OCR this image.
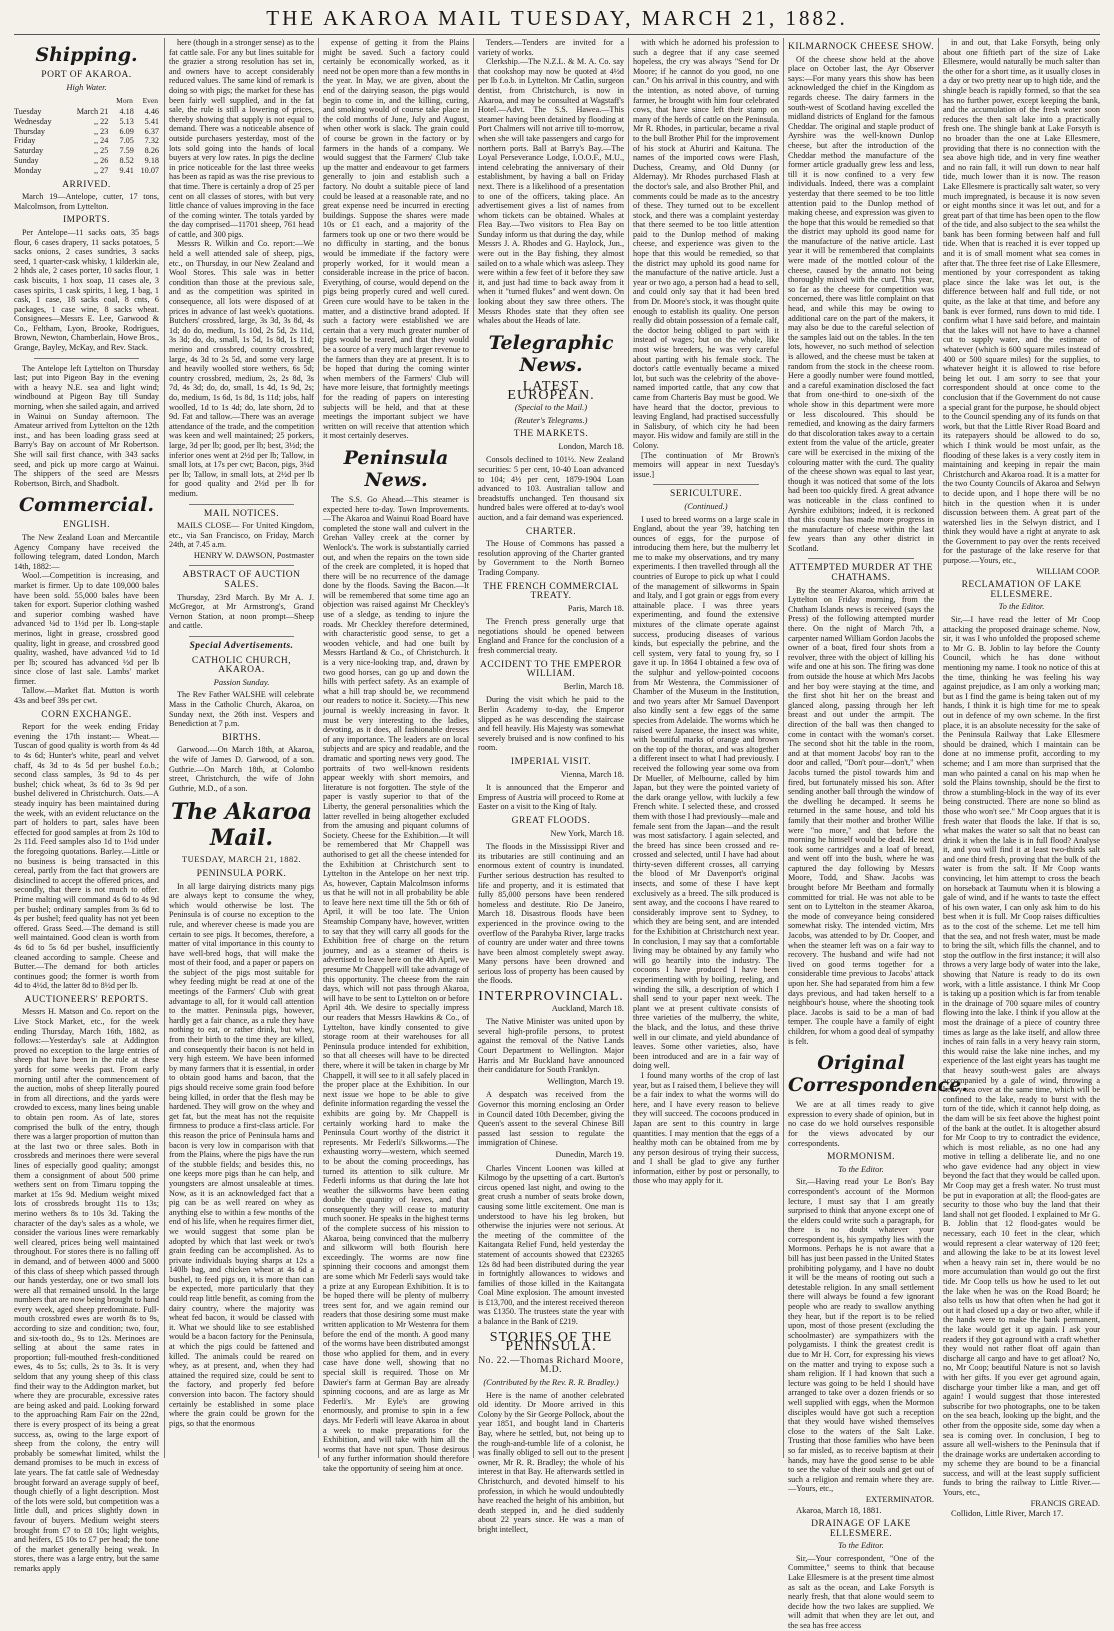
THE AKAROA MAIL TUESDAY, MARCH 21, 1882.
Shipping.
PORT OF AKAROA.
High Water.
		Morn	Even
Tuesday	March 21	4.18	4.46
Wednesday	,, 22	5.13	5.41
Thursday	,, 23	6.09	6.37
Friday	,, 24	7.05	7.32
Saturday	,, 25	7.59	8.26
Sunday	,, 26	8.52	9.18
Monday	,, 27	9.41	10.07
ARRIVED.

March 19—Antelope, cutter, 17 tons, Malcolmson, from Lyttelton.

IMPORTS.

Per Antelope—11 sacks oats, 35 bags flour, 6 cases drapery, 11 sacks potatoes, 5 sacks onions, 2 cases sundries, 3 sacks seed, 1 quarter-cask whisky, 1 kilderkin ale, 2 hhds ale, 2 cases porter, 10 sacks flour, 1 cask biscuits, 1 hox soap, 11 cases ale, 3 cases spirits, 1 cask spirits, 1 keg, 1 bag, 1 cask, 1 case, 18 sacks coal, 8 cnts, 6 packages, 1 case wine, 8 sacks wheat. Consignees—Messrs E. Lee, Garwood & Co., Feltham, Lyon, Brooke, Rodrigues, Brown, Newton, Chamberlain, Howe Bros., Grange, Bayley, McKay, and Rev. Stack.

The Antelope left Lyttelton on Thursday last; put into Pigeon Bay in the evening with a heavy N.E. sea and light wind; windbound at Pigeon Bay till Sunday morning, when she sailed again, and arrived in Wainui on Sunday afternoon. The Amateur arrived from Lyttelton on the 12th inst., and has been loading grass seed at Barry's Bay on account of Mr Robertson. She will sail first chance, with 343 sacks seed, and pick up more cargo at Wainui. The shippers of the seed are Messrs Robertson, Birch, and Shadbolt.

Commercial.
ENGLISH.

The New Zealand Loan and Mercantile Agency Company have received the following telegram, dated London, March 14th, 1882:—

Wool.—Competition is increasing, and market is firmer. Up to date 109,000 bales have been sold. 55,000 bales have been taken for export. Superior clothing washed and superior combing washed have advanced ¼d to 1½d per lb. Long-staple merinos, light in grease, crossbred good quality, light in grease, and crossbred good quality, washed, have advanced ½d to 1d per lb; scoured has advanced ½d per lb since close of last sale. Lambs' market firmer.

Tallow.—Market flat. Mutton is worth 43s and beef 39s per cwt.

CORN EXCHANGE.

Report for the week ending Friday evening the 17th instant:— Wheat.—Tuscan of good quality is worth from 4s 4d to 4s 6d; Hunter's white, pearl and velvet chaff, 4s 3d to 4s 5d per bushel f.o.b.; second class samples, 3s 9d to 4s per bushel; chick wheat, 3s 6d to 3s 9d per bushel delivered in Christchurch. Oats.—A steady inquiry has been maintained during the week, with an evident reluctance on the part of holders to part, sales have been effected for good samples at from 2s 10d to 2s 11d. Feed samples also 1d to 1½d under the foregoing quotations. Barley.—Little or no business is being transacted in this cereal, partly from the fact that growers are disinclined to accept the offered prices, and secondly, that there is not much to offer. Prime malting will command 4s 6d to 4s 9d per bushel; ordinary samples from 3s 6d to 4s per bushel; feed quality has not yet been offered. Grass Seed.—The demand is still well maintained. Good clean is worth from 4s 6d to 5s 6d per bushel, insufficiently cleaned according to sample. Cheese and Butter.—The demand for both articles continues good; the former is worth from 4d to 4½d, the latter 8d to 8½d per lb.

AUCTIONEERS' REPORTS.

Messrs H. Matson and Co. report on the Live Stock Market, etc., for the week ending Thursday, March 16th, 1882, as follows:—Yesterday's sale at Addington proved no exception to the large entries of sheep that have been in the rule at these yards for some weeks past. From early morning until after the commencement of the auction, mobs of sheep literally poured in from all directions, and the yards were crowded to excess, many lines being unable to obtain pen room. As of late, stores comprised the bulk of the entry, though there was a larger proportion of mutton than at the last two or three sales. Both in crossbreds and merinoes there were several lines of especially good quality; amongst them a consignment of about 500 prime wethers sent on from Timaru topping the market at 15s 9d. Medium weight mixed lots of crossbreds brought 11s to 13s; merino wethers 8s to 10s 3d. Taking the character of the day's sales as a whole, we consider the various lines were remarkably well cleared, prices being well maintained throughout. For stores there is no falling off in demand, and of between 4000 and 5000 of this class of sheep which passed through our hands yesterday, one or two small lots were all that remained unsold. In the large numbers that are now being brought to hand every week, aged sheep predominate. Full-mouth crossbred ewes are worth 8s to 9s, according to size and condition; two, four, and six-tooth do., 9s to 12s. Merinoes are selling at about the same rates in proportion; full-mouthed fresh-conditioned ewes, 4s to 5s; culls, 2s to 3s. It is very seldom that any young sheep of this class find their way to the Addington market, but where they are procurable, excessive rates are being asked and paid. Looking forward to the approaching Ram Fair on the 22nd, there is every prospect of its being a great success, as, owing to the large export of sheep from the colony, the entry will probably be somewhat limited, whilst the demand promises to be much in excess of late years. The fat cattle sale of Wednesday brought forward an average supply of beef, though chiefly of a light description. Most of the lots were sold, but competition was a little dull, and prices slightly down in favour of buyers. Medium weight steers brought from £7 to £8 10s; light weights, and heifers, £5 10s to £7 per head; the tone of the market generally being weak. In stores, there was a large entry, but the same remarks apply

here (though in a stronger sense) as to the fat cattle sale. For any but lines suitable for the grazier a strong resolution has set in, and owners have to accept considerably reduced values. The same kind of remark is doing so with pigs; the market for these has been fairly well supplied, and in the fat sale, the rule is still a lowering of prices, thereby showing that supply is not equal to demand. There was a noticeable absence of outside purchasers yesterday, most of the lots sold going into the hands of local buyers at very low rates. In pigs the decline in price noticeable for the last three weeks has been as rapid as was the rise previous to that time. There is certainly a drop of 25 per cent on all classes of stores, with but very little chance of values improving in the face of the coming winter. The totals yarded by the day comprised—11701 sheep, 761 head of cattle, and 300 pigs.

Messrs R. Wilkin and Co. report:—We held a well attended sale of sheep, pigs, etc., on Thursday, in our New Zealand and Wool Stores. This sale was in better condition than those at the previous sale, and as the competition was spirited in consequence, all lots were disposed of at prices in advance of last week's quotations. Butchers' crossbred, large, 3s 3d, 3s 8d, 4s 1d; do do, medium, 1s 10d, 2s 5d, 2s 11d, 3s 3d; do, do, small, 1s 5d, 1s 8d, 1s 11d; merino and crossbred, country crossbred, large, 4s 3d to 2s 5d, and some very large and heavily woolled store wethers, 6s 5d; country crossbred, medium, 2s, 2s 8d, 3s 7d, 4s 3d; do, do, small, 1s 4d, 1s 9d, 2s; do, medium, 1s 6d, 1s 8d, 1s 11d; jobs, half woolled, 1d to 1s 4d; do, late shorn, 2d to 9d. Fat and tallow.—There was an average attendance of the trade, and the competition was keen and well maintained; 25 porkers, large, 3d per lb; good, per lb; best, 3½d; the inferior ones went at 2½d per lb; Tallow, in small lots, at 17s per cwt; Bacon, pigs, 3¼d per lb; Tallow, in small lots, at 2½d per lb for good quality and 2½d per lb for medium.

MAIL NOTICES.

MAILS CLOSE— For United Kingdom, etc., via San Francisco, on Friday, March 24th, at 7.45 a.m.

HENRY W. DAWSON, Postmaster
ABSTRACT OF AUCTION SALES.

Thursday, 23rd March. By Mr A. J. McGregor, at Mr Armstrong's, Grand Vernon Station, at noon prompt—Sheep and cattle.

Special Advertisements.
CATHOLIC CHURCH, AKAROA.
Passion Sunday.

The Rev Father WALSHE will celebrate Mass in the Catholic Church, Akaroa, on Sunday next, the 26th inst. Vespers and Benediction at 7 p.m.

BIRTHS.

Garwood.—On March 18th, at Akaroa, the wife of James D. Garwood, of a son. Guthrie.—On March 18th, at Colombo street, Christchurch, the wife of John Guthrie, M.D., of a son.

The Akaroa Mail.
TUESDAY, MARCH 21, 1882.
PENINSULA PORK.

In all large dairying districts many pigs are always kept to consume the whey, which would otherwise be lost. The Peninsula is of course no exception to the rule, and wherever cheese is made you are certain to see pigs. It becomes, therefore, a matter of vital importance in this county to have well-bred hogs, that will make the most of their food, and a paper or papers on the subject of the pigs most suitable for whey feeding might be read at one of the meetings of the Farmers' Club with great advantage to all, for it would call attention to the matter. Peninsula pigs, however, hardly get a fair chance, as a rule they have nothing to eat, or rather drink, but whey, from their birth to the time they are killed, and consequently their bacon is not held in very high esteem. We have been informed by many farmers that it is essential, in order to obtain good hams and bacon, that the pigs should receive some grain food before being killed, in order that the flesh may be hardened. They will grow on the whey and get fat, but the meat has not the requisite firmness to produce a first-class article. For this reason the price of Peninsula hams and bacon is very low in comparison with that from the Plains, where the pigs have the run of the stubble fields; and besides this, no one keeps more pigs than he can help, and youngsters are almost unsaleable at times. Now, as it is an acknowledged fact that a pig can be as well reared on whey as anything else to within a few months of the end of his life, when he requires firmer diet, we would suggest that some plan be adopted by which that last week or two's grain feeding can be accomplished. As to private individuals buying sharps at 12s a 140lb bag, and chicken wheat at 4s 6d a bushel, to feed pigs on, it is more than can be expected, more particularly that they could reap little benefit, as coming from the dairy country, where the majority was wheat fed bacon, it would be classed with it. What we should like to see established would be a bacon factory for the Peninsula, at which the pigs could be fattened and killed. The animals could be reared on whey, as at present, and, when they had attained the required size, could be sent to the factory, and properly fed before conversion into bacon. The factory should certainly be established in some place where the grain could be grown for the pigs, so that the enormous

expense of getting it from the Plains might be saved. Such a factory could certainly be economically worked, as it need not be open more than a few months in the year. In May, we are given, about the end of the dairying season, the pigs would begin to come in, and the killing, curing, and smoking would of course take place in the cold months of June, July and August, when other work is slack. The grain could of course be grown in the factory or by farmers in the hands of a company. We would suggest that the Farmers' Club take up the matter and endeavour to get farmers generally to join and establish such a factory. No doubt a suitable piece of land could be leased at a reasonable rate, and no great expense need be incurred in erecting buildings. Suppose the shares were made 10s or £1 each, and a majority of the farmers took up one or two there would be no difficulty in starting, and the bonus would be immediate if the factory were properly worked, for it would mean a considerable increase in the price of bacon. Everything, of course, would depend on the pigs being properly cured and well cured. Green cure would have to be taken in the matter, and a distinctive brand adopted. If such a factory were established we are certain that a very much greater number of pigs would be reared, and that they would be a source of a very much larger revenue to the farmers than they are at present. It is to be hoped that during the coming winter when members of the Farmers' Club will have more leisure, that fortnightly meetings for the reading of papers on interesting subjects will be held, and that at these meetings the important subject we have written on will receive that attention which it most certainly deserves.

Peninsula News.

The S.S. Go Ahead.—This steamer is expected here to-day. Town Improvements.—The Akaroa and Wainui Road Board have completed the stone wall and culvert in the Grehan Valley creek at the corner by Wenlock's. The work is substantially carried out, and when the repairs on the town side of the creek are completed, it is hoped that there will be no recurrence of the damage done by the floods. Saving the Bacon.—It will be remembered that some time ago an objection was raised against Mr Checkley's use of a sledge, as tending to injure the roads. Mr Checkley therefore determined, with characteristic good sense, to get a wooden vehicle, and had one built by Messrs Hartland & Co., of Christchurch. It is a very nice-looking trap, and, drawn by two good horses, can go up and down the hills with perfect safety. As an example of what a hill trap should be, we recommend our readers to notice it. Society.—This new journal is weekly increasing in favor. It must be very interesting to the ladies, devoting, as it does, all fashionable dresses of any importance. The leaders are on local subjects and are spicy and readable, and the dramatic and sporting news very good. The portraits of two well-known residents appear weekly with short memoirs, and literature is not forgotten. The style of the paper is vastly superior to that of the Liberty, the general personalities which the latter revelled in being altogether excluded from the amusing and piquant columns of Society. Cheese for the Exhibition.—It will be remembered that Mr Chappell was authorised to get all the cheese intended for the Exhibition at Christchurch sent to Lyttelton in the Antelope on her next trip. As, however, Captain Malcolmson informs us that he will not in all probability be able to leave here next time till the 5th or 6th of April, it will be too late. The Union Steamship Company have, however, written to say that they will carry all goods for the Exhibition free of charge on the return journey, and as a steamer of theirs is advertised to leave here on the 4th April, we presume Mr Chappell will take advantage of this opportunity. The cheese from the rain days, which will not pass through Akaroa, will have to be sent to Lyttelton on or before April 4th. We desire to specially impress our readers that Messrs Hawkins & Co., of Lyttelton, have kindly consented to give storage room at their warehouses for all Peninsula produce intended for exhibition, so that all cheeses will have to be directed there, where it will be taken in charge by Mr Chappell, it will see to it all safely placed in the proper place at the Exhibition. In our next issue we hope to be able to give definite information regarding the vessel the exhibits are going by. Mr Chappell is certainly working hard to make the Peninsula Court worthy of the district it represents. Mr Federli's Silkworms.—The exhausting worry—western, which seemed to be about the coming proceedings, has turned its attention to silk culture. Mr Federli informs us that during the late hot weather the silkworms have been eating double the quantity of leaves, and that consequently they will cease to maturity much sooner. He speaks in the highest terms of the complete success of his mission to Akaroa, being convinced that the mulberry and silkworm will both flourish here exceedingly. The worms are now fine spinning their cocoons and amongst them are some which Mr Federli says would take a prize at any European Exhibition. It is to be hoped there will be plenty of mulberry trees sent for, and we again remind our readers that those desiring some must make written application to Mr Westenra for them before the end of the month. A good many of the worms have been distributed amongst those who applied for them, and in every case have done well, showing that no special skill is required. Those on Mr Dawier's farm at German Bay are already spinning cocoons, and are as large as Mr Federli's. Mr Eyle's are growing enormously, and promise to spin in a few days. Mr Federli will leave Akaroa in about a week to make preparations for the Exhibition, and will take with him all the worms that have not spun. Those desirous of any further information should therefore take the opportunity of seeing him at once.

Tenders.—Tenders are invited for a variety of works.

Clerkship.—The N.Z.L. & M. A. Co. say that cookshop may now be quoted at 4½d per lb f.o.b. in Lyttelton. Mr Catlin, surgeon dentist, from Christchurch, is now in Akaroa, and may be consulted at Wagstaff's Hotel.—Advt. The S.S. Hawea.—This steamer having been detained by flooding at Port Chalmers will not arrive till to-morrow, when she will take passengers and cargo for northern ports. Ball at Barry's Bay.—The Loyal Perseverance Lodge, I.O.O.F., M.U., intend celebrating the anniversary of their establishment, by having a ball on Friday next. There is a likelihood of a presentation to one of the officers, taking place. An advertisement gives a list of names from whom tickets can be obtained. Whales at Flea Bay.—Two visitors to Flea Bay on Sunday inform us that during the day, while Messrs J. A. Rhodes and G. Haylock, Jun., were out in the Bay fishing, they almost sailed on to a whale which was asleep. They were within a few feet of it before they saw it, and just had time to back away from it when it "turned flukes" and went down. On looking about they saw three others. The Messrs Rhodes state that they often see whales about the Heads of late.

Telegraphic News.
LATEST EUROPEAN.
(Special to the Mail.)
(Reuter's Telegrams.)
THE MARKETS.
London, March 18.

Consols declined to 101½. New Zealand securities: 5 per cent, 10-40 Loan advanced to 104; 4½ per cent, 1879-1904 Loan advanced to 103. Australian tallow and breadstuffs unchanged. Ten thousand six hundred bales were offered at to-day's wool auction, and a fair demand was experienced.

CHARTER.

The House of Commons has passed a resolution approving of the Charter granted by Government to the North Borneo Trading Company.

THE FRENCH COMMERCIAL TREATY.
Paris, March 18.

The French press generally urge that negotiations should be opened between England and France for the conclusion of a fresh commercial treaty.

ACCIDENT TO THE EMPEROR WILLIAM.
Berlin, March 18.

During the visit which he paid to the Berlin Academy to-day, the Emperor slipped as he was descending the staircase and fell heavily. His Majesty was somewhat severely bruised and is now confined to his room.

IMPERIAL VISIT.
Vienna, March 18.

It is announced that the Emperor and Empress of Austria will proceed to Rome at Easter on a visit to the King of Italy.

GREAT FLOODS.
New York, March 18.

The floods in the Mississippi River and its tributaries are still continuing and an enormous extent of country is inundated. Further serious destruction has resulted to life and property, and it is estimated that fully 85,000 persons have been rendered homeless and destitute. Rio De Janeiro, March 18. Disastrous floods have been experienced in the province owing to the overflow of the Parahyba River, large tracks of country are under water and three towns have been almost completely swept away. Many persons have been drowned and serious loss of property has been caused by the floods.

INTERPROVINCIAL.
Auckland, March 18.

The Native Minister was united upon by several high-profile persons, to protest against the removal of the Native Lands Court Department to Wellington. Major Harris and Mr Buckland have announced their candidature for South Franklyn.

Wellington, March 19.

A despatch was received from the Governor this morning enclosing an Order in Council dated 10th December, giving the Queen's assent to the several Chinese Bill passed last session to regulate the immigration of Chinese.

Dunedin, March 19.

Charles Vincent Loonen was killed at Kilmogo by the upsetting of a cart. Burton's circus opened last night, and owing to the great crush a number of seats broke down, causing some little excitement. One man is understood to have his leg broken, but otherwise the injuries were not serious. At the meeting of the committee of the Kaitangata Relief Fund, held yesterday the statement of accounts showed that £23265 12s 8d had been distributed during the year in fortnightly allowances to widows and families of those killed in the Kaitangata Coal Mine explosion. The amount invested is £13,700, and the interest received thereon was £1350. The trustees state the year with a balance in the Bank of £219.

STORIES OF THE PENINSULA.
No. 22.—Thomas Richard Moore, M.D.
(Contributed by the Rev. R. R. Bradley.)

Here is the name of another celebrated old identity. Dr Moore arrived in this Colony by the Sir George Pollock, about the year 1851, and bought land in Charteris Bay, where he settled, but, not being up to the rough-and-tumble life of a colonist, he was finally obliged to sell out to the present owner, Mr R. R. Bradley; the whole of his interest in that Bay. He afterwards settled in Christchurch, and devoted himself to his profession, in which he would undoubtedly have reached the height of his ambition, but death stepped in, and he died suddenly about 22 years since. He was a man of bright intellect,

with which he adorned his profession to such a degree that if any case seemed hopeless, the cry was always "Send for Dr Moore; if he cannot do you good, no one can." On his arrival in this country, and with the intention, as noted above, of turning farmer, he brought with him four celebrated cows, that have since left their stamp on many of the herds of cattle on the Peninsula. Mr R. Rhodes, in particular, became a rival to the bull Brother Phil for the improvement of his stock at Ahuriri and Kaituna. The names of the imported cows were Flash, Duchess, Creamy, and Old Dunny (or Aldernay). Mr Rhodes purchased Flash at the doctor's sale, and also Brother Phil, and comments could be made as to the ancestry of these. They turned out to be excellent stock, and there was a complaint yesterday that there seemed to be too little attention paid to the Dunlop method of making cheese, and experience was given to the hope that this would be remedied, so that the district may uphold its good name for the manufacture of the native article. Just a year or two ago, a person had a head to sell, and could only say that it had been bred from Dr. Moore's stock, it was thought quite enough to establish its quality. One person really did obtain possession of a female calf, the doctor being obliged to part with it instead of wages; but on the whole, like most wise breeders, he was very careful about parting with his female stock. The doctor's cattle eventually became a mixed lot, but such was the celebrity of the above-named imported cattle, that any cow that came from Charteris Bay must be good. We have heard that the doctor, previous to leaving England, had practised successfully in Salisbury, of which city he had been mayor. His widow and family are still in the Colony.

[The continuation of Mr Brown's memoirs will appear in next Tuesday's issue.]

SERICULTURE.
(Continued.)

I used to breed worms on a large scale in England, about the year '39, hatching ten ounces of eggs, for the purpose of introducing them here, but the mulberry let me to make my observations, and try many experiments. I then travelled through all the countries of Europe to pick up what I could of the management of silkworms in Spain and Italy, and I got grain or eggs from every attainable place. I was three years experimenting, and found the extensive mixtures of the climate operate against success, producing diseases of various kinds, but especially the pebrine, and the cell system, very fatal to young fry, so I gave it up. In 1864 I obtained a few ova of the sulphur and yellow-pointed cocoons from Mr Westenra, the Commissioner of Chamber of the Museum in the Institution, and two years after Mr Samuel Davenport also kindly sent a few eggs of the same species from Adelaide. The worms which he raised were Japanese, the insect was white, with beautiful marks of orange and brown on the top of the thorax, and was altogether a different insect to what I had previously. I received the following year some ova from Dr Mueller, of Melbourne, called by him Japan, but they were the pointed variety of the dark orange yellow, with luckily a few French white. I selected these, and crossed them with those I had previously—male and female sent from the Japan—and the result was most satisfactory. I again selected, and the breed has since been crossed and re-crossed and selected, until I have had about thirty-seven different crosses, all carrying the blood of Mr Davenport's original insects, and some of these I have kept exclusively as a breed. The silk produced is sent away, and the cocoons I have reared to considerably improve sent to Sydney, to which they are being sent, and are intended for the Exhibition at Christchurch next year. In conclusion, I may say that a comfortable living may be obtained by any family who will go heartily into the industry. The cocoons I have produced I have been experimenting with by boiling, reeling, and winding the silk, a description of which I shall send to your paper next week. The plant we at present cultivate consists of three varieties of the mulberry, the white, the black, and the lotus, and these thrive well in our climate, and yield abundance of leaves. Some other varieties, also, have been introduced and are in a fair way of doing well.

I found many worths of the crop of last year, but as I raised them, I believe they will be a fair index to what the worms will do here, and I have every reason to believe they will succeed. The cocoons produced in Japan are sent to this country in large quantities. I may mention that the eggs of a healthy moth can be obtained from me by any person desirous of trying their success, and I shall be glad to give any further information, either by post or personally, to those who may apply for it.

KILMARNOCK CHEESE SHOW.

Of the cheese show held at the above place on October last, the Ayr Observer says:—For many years this show has been acknowledged the chief in the Kingdom as regards cheese. The dairy farmers in the south-west of Scotland having excelled the midland districts of England for the famous Cheddar. The original and staple product of Ayrshire was the well-known Dunlop cheese, but after the introduction of the Cheddar method the manufacture of the former article gradually grew less and less, till it is now confined to a very few individuals. Indeed, there was a complaint yesterday that there seemed to be too little attention paid to the Dunlop method of making cheese, and expression was given to the hope that this would be remedied so that the district may uphold its good name for the manufacture of the native article. Last year it will be remembered that complaints were made of the mottled colour of the cheese, caused by the annatto not being thoroughly mixed with the curd. This year, so far as the cheese for competition was concerned, there was little complaint on that head, and while this may be owing to additional care on the part of the makers, it may also be due to the careful selection of the samples laid out on the tables. In the ten lots, however, no such method of selection is allowed, and the cheese must be taken at random from the stock in the cheese room. Here a goodly number were found mottled, and a careful examination disclosed the fact that from one-third to one-sixth of the whole show in this department were more or less discoloured. This should be remedied, and knowing as the dairy farmers do that discoloration takes away to a certain extent from the value of the article, greater care will be exercised in the mixing of the colouring matter with the curd. The quality of the cheese shown was equal to last year, though it was noticed that some of the lots had been too quickly fired. A great advance was noticeable in the class confined to Ayrshire exhibitors; indeed, it is reckoned that this county has made more progress in the manufacture of cheese within the last few years than any other district in Scotland.

ATTEMPTED MURDER AT THE CHATHAMS.

By the steamer Akaroa, which arrived at Lyttelton on Friday morning, from the Chatham Islands news is received (says the Press) of the following attempted murder there. On the night of March 7th, a carpenter named William Gordon Jacobs the owner of a boat, fired four shots from a revolver, three with the object of killing his wife and one at his son. The firing was done from outside the house at which Mrs Jacobs and her boy were staying at the time, and the first shot hit her on the breast and glanced along, passing through her left breast and out under the armpit. The direction of the ball was then changed to come in contact with the woman's corset. The second shot hit the table in the room, and at that moment Jacobs' boy ran to the door and called, "Don't pour—don't," when Jacobs turned the pistol towards him and fired, but fortunately missed his son. After sending another ball through the window of the dwelling he decamped. It seems he returned in the same house, and told his family that their mother and brother Willie were "no more," and that before the morning he himself would be dead. He next took some cartridges and a loaf of bread, and went off into the bush, where he was captured the day following by Messrs Moore, Todd, and Shaw. Jacobs was brought before Mr Beetham and formally committed for trial. He was not able to be sent on to Lyttelton in the steamer Akaroa, the mode of conveyance being considered somewhat risky. The intended victim, Mrs Jacobs, was attended to by Dr. Cooper, and when the steamer left was on a fair way to recovery. The husband and wife had not lived on good terms together for a considerable time previous to Jacobs' attack upon her. She had separated from him a few days previous, and had taken herself to a neighbour's house, where the shooting took place. Jacobs is said to be a man of bad temper. The couple have a family of eight children, for whom a good deal of sympathy is felt.

Original Correspondence.

We are at all times ready to give expression to every shade of opinion, but in no case do we hold ourselves responsible for the views advocated by our correspondents.

MORMONISM.
To the Editor.

Sir,—Having read your Le Bon's Bay correspondent's account of the Mormon lecture, I must say that I am greatly surprised to think that anyone except one of the elders could write such a paragraph, for there is no doubt whatever your correspondent is, his sympathy lies with the Mormons. Perhaps he is not aware that a bill has just been passed in the United States prohibiting polygamy, and I have no doubt it will be the means of rooting out such a detestable religion. In any small settlement there will always be found a few ignorant people who are ready to swallow anything they hear, but if the report is to be relied upon, most of those present (excluding the schoolmaster) are sympathizers with the polygamists. I think the greatest credit is due to Mr H. Corr, for expressing his views on the matter and trying to expose such a sham religion. If I had known that such a lecture was going to be held I should have arranged to take over a dozen friends or so well supplied with eggs, when the Mormon disciples would have got such a reception that they would have wished themselves close to the waters of the Salt Lake. Trusting that those families who have been so far misled, as to receive baptism at their hands, may have the good sense to be able to see the value of their souls and get out of such a religion and remain where they are.—Yours, etc.,

EXTERMINATOR.
Akaroa, March 18, 1881.
DRAINAGE OF LAKE ELLESMERE.
To the Editor.

Sir,—Your correspondent, "One of the Committee," seems to think that because Lake Ellesmere is at the present time almost as salt as the ocean, and Lake Forsyth is nearly fresh, that that alone would seem to decide how the two lakes are supplied. We will admit that when they are let out, and the sea has free access

in and out, that Lake Forsyth, being only about one fiftieth part of the size of Lake Ellesmere, would naturally be much salter than the other for a short time, as it usually closes in a day or two pretty near up to high tide, and the shingle beach is rapidly formed, so that the sea has no further power, except keeping the bank, and the accumulation of the fresh water soon reduces the then salt lake into a practically fresh one. The shingle bank at Lake Forsyth is no broader than the one at Lake Ellesmere, providing that there is no connection with the sea above high tide, and in very fine weather and no rain fall, it will run down to near half tide, much lower than it is now. The reason Lake Ellesmere is practically salt water, so very much impregnated, is because it is now seven or eight months since it was let out, and for a great part of that time has been open to the flow of the tide, and also subject to the sea whilst the bank has been forming between half and full tide. When that is reached it is ever topped up and it is of small moment what sea comes in after that. The three feet rise of Lake Ellesmere, mentioned by your correspondent as taking place since the lake was let out, is the difference between half and full tide, or not quite, as the lake at that time, and before any bank is ever formed, runs down to mid tide. I confirm what I have said before, and maintain that the lakes will not have to have a channel cut to supply water, and the estimate of whatever (which is 600 square miles instead of 400 or 500 square miles) for the supplies, to whatever height it is allowed to rise before being let out. I am sorry to see that your correspondent should at once come to the conclusion that if the Government do not cause a special grant for the purpose, he should object to the Council spending any of its funds on that work, but that the Little River Road Board and its ratepayers should be allowed to do so, which I think would be most unfair, as the flooding of these lakes is a very costly item in maintaining and keeping in repair the main Christchurch and Akaroa road. It is a matter for the two County Councils of Akaroa and Selwyn to decide upon, and I hope there will be no hitch in the question when it is under discussion between them. A great part of the watershed lies in the Selwyn district, and I think they would have a right at anyrate to ask the Government to pay over the rents received for the pasturage of the lake reserve for that purpose.—Yours, etc.,

WILLIAM COOP.
RECLAMATION OF LAKE ELLESMERE.
To the Editor.

Sir,—I have read the letter of Mr Coop attacking the proposed drainage scheme. Now, sir, it was I who unfolded the proposed scheme to Mr G. B. Joblin to lay before the County Council, which he has done without mentioning my name. I took no notice of this at the time, thinking he was feeling his way against prejudice, as I am only a working man; but as I find the game is being taken out of my hands, I think it is high time for me to speak out in defence of my own scheme. In the first place, it is an absolute necessity for the sake of the Peninsula Railway that Lake Ellesmere should be drained, which I maintain can be done at no immense profit, according to my scheme; and I am more than surprised that the man who painted a canal on his map when he sold the Plains township, should be the first to throw a stumbling-block in the way of its ever being constructed. There are none so blind as those who won't see." Mr Coop argues that it is fresh water that floods the lake. If that is so, what makes the water so salt that no beast can drink it when the lake is in full flood? Analyse it, and you will find it at least two-thirds salt and one third fresh, proving that the bulk of the water is from the salt. If Mr Coop wants convincing, let him attempt to cross the beach on horseback at Taumutu when it is blowing a gale of wind, and if he wants to taste the effect of his own water, I can only ask him to do his best when it is full. Mr Coop raises difficulties as to the cost of the scheme. Let me tell him that the sea, and not fresh water, must be made to bring the silt, which fills the channel, and to stop the outflow in the first instance; it will also throws a very large body of water into the lake, showing that Nature is ready to do its own work, with a little assistance. I think Mr Coop is taking up a position which is far from tenable in the drainage of 700 square miles of country flowing into the lake. I think if you allow at the most the drainage of a piece of country three times as large as the lake itself, and allow three inches of rain falls in a very heavy rain storm, this would raise the lake nine inches, and my experience of the last eight years has taught me that heavy south-west gales are always accompanied by a gale of wind, throwing a heavy sea over at the same time, which will be confined to the lake, ready to burst with the turn of the tide, which it cannot help doing, as the dam will be six feet above the highest point of the bank at the outlet. It is altogether absurd for Mr Coop to try to contradict the evidence, which is most reliable, as no one had any motive in telling a deliberate lie, and no one who gave evidence had any object in view beyond the fact that they would be called upon. Mr Coop may get a fresh water. No trust must be put in evaporation at all; the flood-gates are security to those who buy the land that their land shall not get flooded. I explained to Mr G. B. Joblin that 12 flood-gates would be necessary, each 10 feet in the clear, which would represent a clear waterway of 120 feet; and allowing the lake to be at its lowest level when a heavy rain set in, there would be no more accumulation than would go out the first tide. Mr Coop tells us how he used to let out the lake when he was on the Road Board; he also tells us how that often when he had got it out it had closed up a day or two after, while if the hands were to make the bank permanent, the lake would get it up again. I ask your readers if they got aground with a craft whether they would not rather float off again than discharge all cargo and have to get afloat? No, no, Mr Coop; beautiful Nature is not so lavish with her gifts. If you ever get aground again, discharge your timber like a man, and get off again! I would suggest that those interested subscribe for two photographs, one to be taken on the sea beach, looking up the bight, and the other from the opposite side, some day when a sea is coming over. In conclusion, I beg to assure all well-wishers to the Peninsula that if the drainage works are undertaken according to my scheme they are bound to be a financial success, and will at the least supply sufficient funds to bring the railway to Little River.—Yours, etc.,

FRANCIS GREAD.
Collidon, Little River, March 17.
